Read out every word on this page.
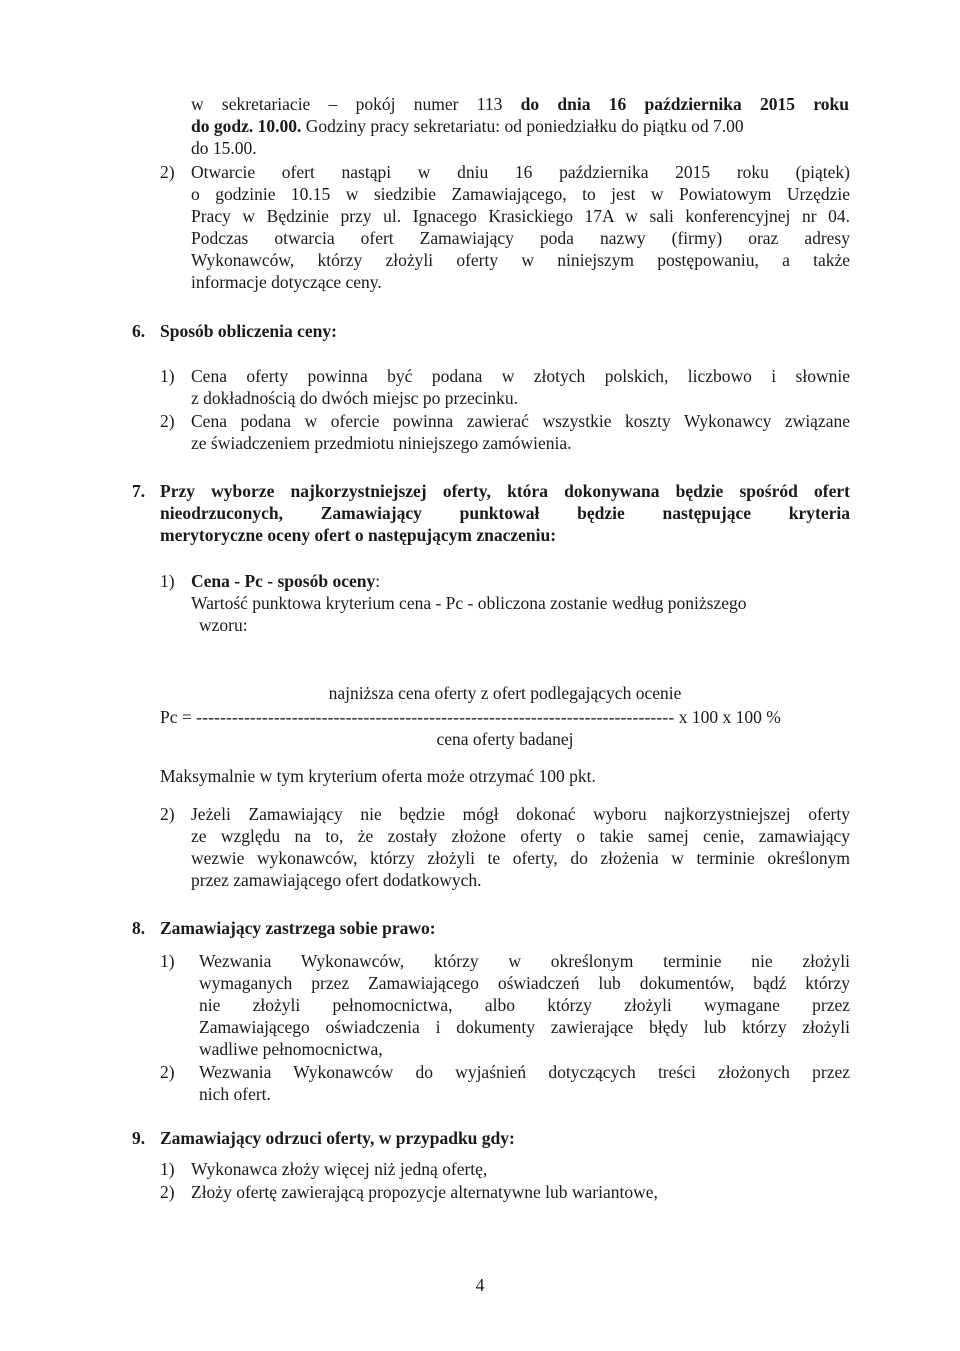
w sekretariacie – pokój numer 113 do dnia 16 października 2015 roku
do godz. 10.00. Godziny pracy sekretariatu: od poniedziałku do piątku od 7.00
do 15.00.
2) Otwarcie ofert nastąpi w dniu 16 października 2015 roku (piątek)
o godzinie 10.15 w siedzibie Zamawiającego, to jest w Powiatowym Urzędzie
Pracy w Będzinie przy ul. Ignacego Krasickiego 17A w sali konferencyjnej nr 04.
Podczas otwarcia ofert Zamawiający poda nazwy (firmy) oraz adresy
Wykonawców, którzy złożyli oferty w niniejszym postępowaniu, a także
informacje dotyczące ceny.
6. Sposób obliczenia ceny:
1) Cena oferty powinna być podana w złotych polskich, liczbowo i słownie
z dokładnością do dwóch miejsc po przecinku.
2) Cena podana w ofercie powinna zawierać wszystkie koszty Wykonawcy związane
ze świadczeniem przedmiotu niniejszego zamówienia.
7. Przy wyborze najkorzystniejszej oferty, która dokonywana będzie spośród ofert
nieodrzuconych, Zamawiający punktował będzie następujące kryteria
merytoryczne oceny ofert o następującym znaczeniu:
1) Cena - Pc - sposób oceny:
Wartość punktowa kryterium cena - Pc - obliczona zostanie według poniższego
wzoru:
najniższa cena oferty z ofert podlegających ocenie
Pc = -------------------------------------------------------------------------------- x 100 x 100 %
cena oferty badanej
Maksymalnie w tym kryterium oferta może otrzymać 100 pkt.
2) Jeżeli Zamawiający nie będzie mógł dokonać wyboru najkorzystniejszej oferty
ze względu na to, że zostały złożone oferty o takie samej cenie, zamawiający
wezwie wykonawców, którzy złożyli te oferty, do złożenia w terminie określonym
przez zamawiającego ofert dodatkowych.
8. Zamawiający zastrzega sobie prawo:
1) Wezwania Wykonawców, którzy w określonym terminie nie złożyli
wymaganych przez Zamawiającego oświadczeń lub dokumentów, bądź którzy
nie złożyli pełnomocnictwa, albo którzy złożyli wymagane przez
Zamawiającego oświadczenia i dokumenty zawierające błędy lub którzy złożyli
wadliwe pełnomocnictwa,
2) Wezwania Wykonawców do wyjaśnień dotyczących treści złożonych przez
nich ofert.
9. Zamawiający odrzuci oferty, w przypadku gdy:
1) Wykonawca złoży więcej niż jedną ofertę,
2) Złoży ofertę zawierającą propozycje alternatywne lub wariantowe,
4
